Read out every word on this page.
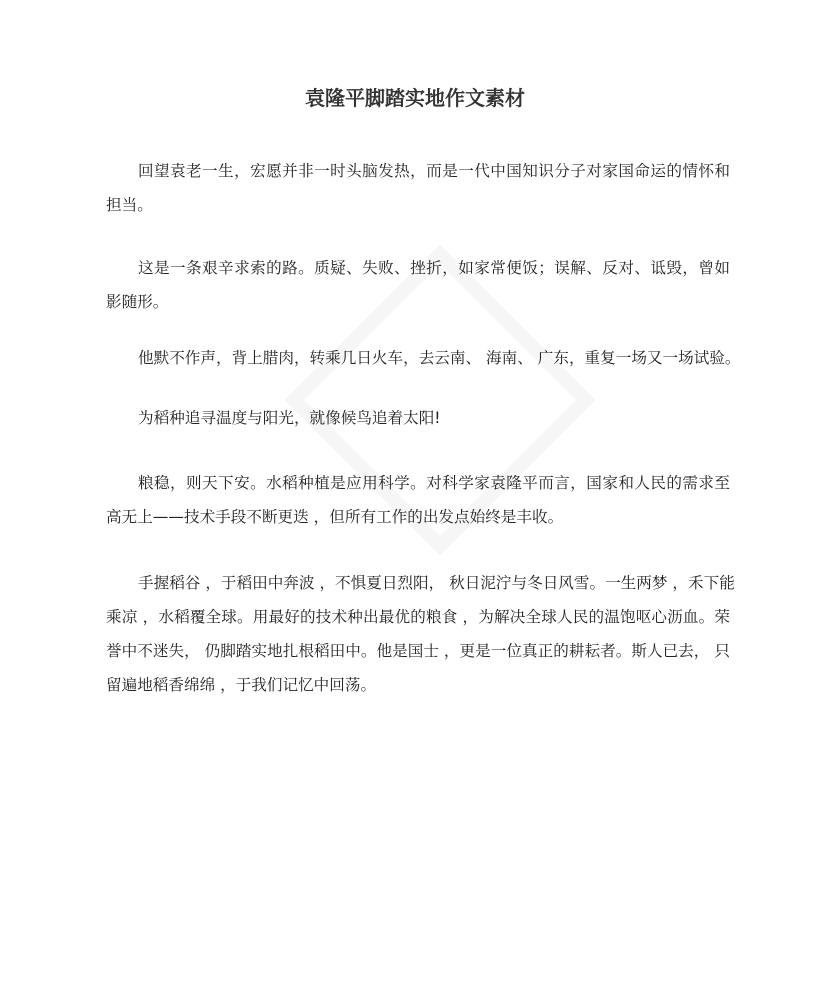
袁隆平脚踏实地作文素材
回望袁老一生，宏愿并非一时头脑发热，而是一代中国知识分子对家国命运的情怀和
担当。
这是一条艰辛求索的路。质疑、失败、挫折，如家常便饭；误解、反对、诋毁，曾如
影随形。
他默不作声，背上腊肉，转乘几日火车，去云南、 海南、 广东，重复一场又一场试验。
为稻种追寻温度与阳光，就像候鸟追着太阳!
粮稳，则天下安。水稻种植是应用科学。对科学家袁隆平而言，国家和人民的需求至
高无上——技术手段不断更迭 ，但所有工作的出发点始终是丰收。
手握稻谷 ，于稻田中奔波 ，不惧夏日烈阳， 秋日泥泞与冬日风雪。一生两梦 ，禾下能
乘凉 ，水稻覆全球。用最好的技术种出最优的粮食 ，为解决全球人民的温饱呕心沥血。荣
誉中不迷失， 仍脚踏实地扎根稻田中。他是国士 ，更是一位真正的耕耘者。斯人已去， 只
留遍地稻香绵绵 ，于我们记忆中回荡。
